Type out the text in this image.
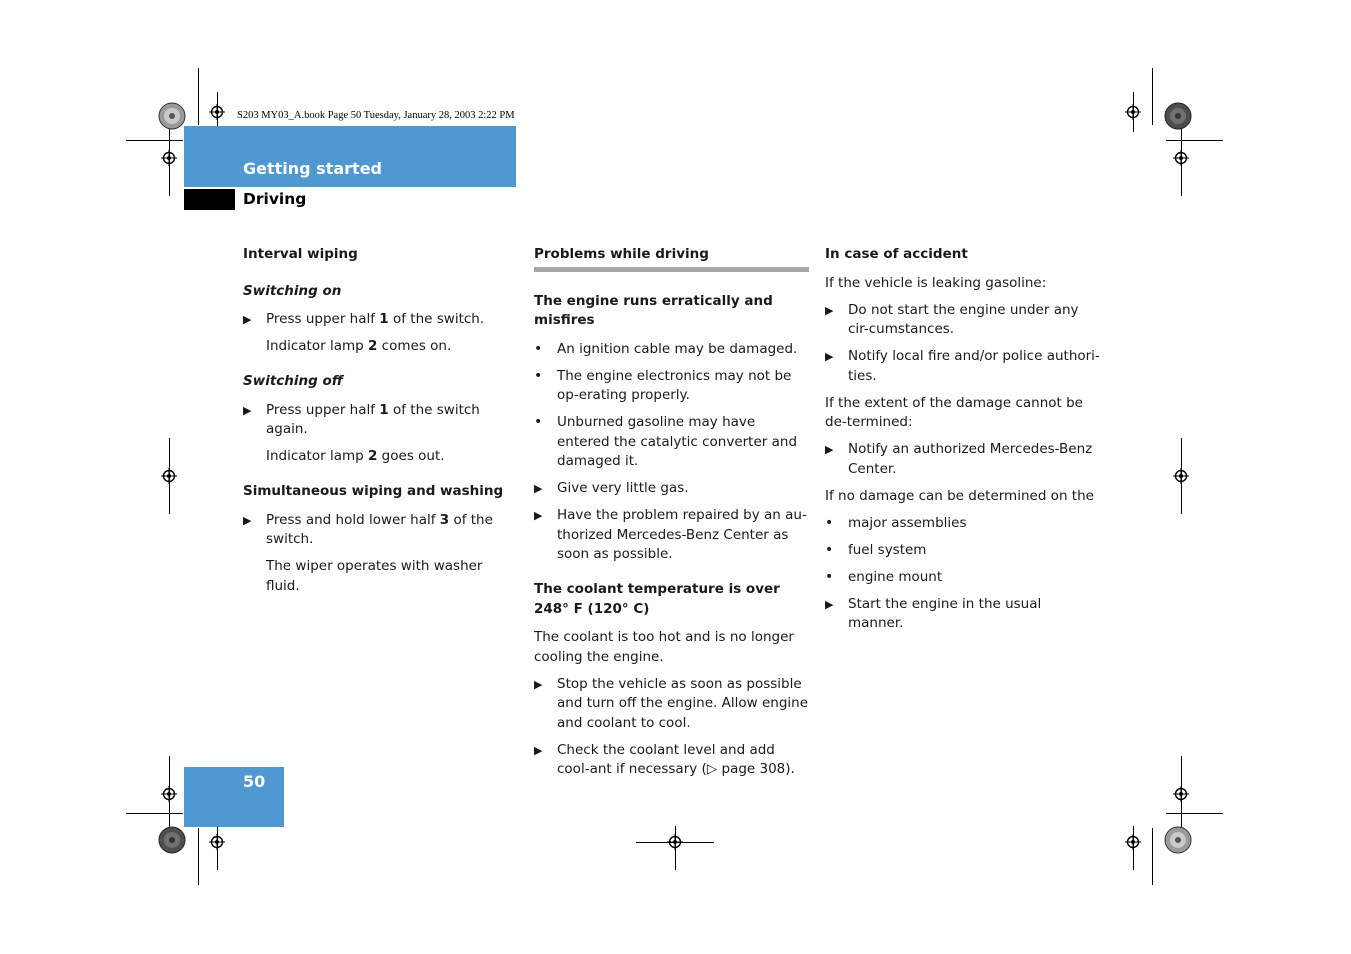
S203 MY03_A.book Page 50 Tuesday, January 28, 2003 2:22 PM
Getting started
Driving
Interval wiping
Switching on
▶	Press upper half 1 of the switch.
Indicator lamp 2 comes on.
Switching off
▶	Press upper half 1 of the switch again.
Indicator lamp 2 goes out.
Simultaneous wiping and washing
▶	Press and hold lower half 3 of the switch.
The wiper operates with washer fluid.
Problems while driving
The engine runs erratically and misfires
•	An ignition cable may be damaged.
•	The engine electronics may not be op-erating properly.
•	Unburned gasoline may have entered the catalytic converter and damaged it.
▶	Give very little gas.
▶	Have the problem repaired by an au-thorized Mercedes-Benz Center as soon as possible.
The coolant temperature is over 248° F (120° C)
The coolant is too hot and is no longer cooling the engine.
▶	Stop the vehicle as soon as possible and turn off the engine. Allow engine and coolant to cool.
▶	Check the coolant level and add cool-ant if necessary (▷ page 308).
In case of accident
If the vehicle is leaking gasoline:
▶	Do not start the engine under any cir-cumstances.
▶	Notify local fire and/or police authori-ties.
If the extent of the damage cannot be de-termined:
▶	Notify an authorized Mercedes-Benz Center.
If no damage can be determined on the
•	major assemblies
•	fuel system
•	engine mount
▶	Start the engine in the usual manner.
50
